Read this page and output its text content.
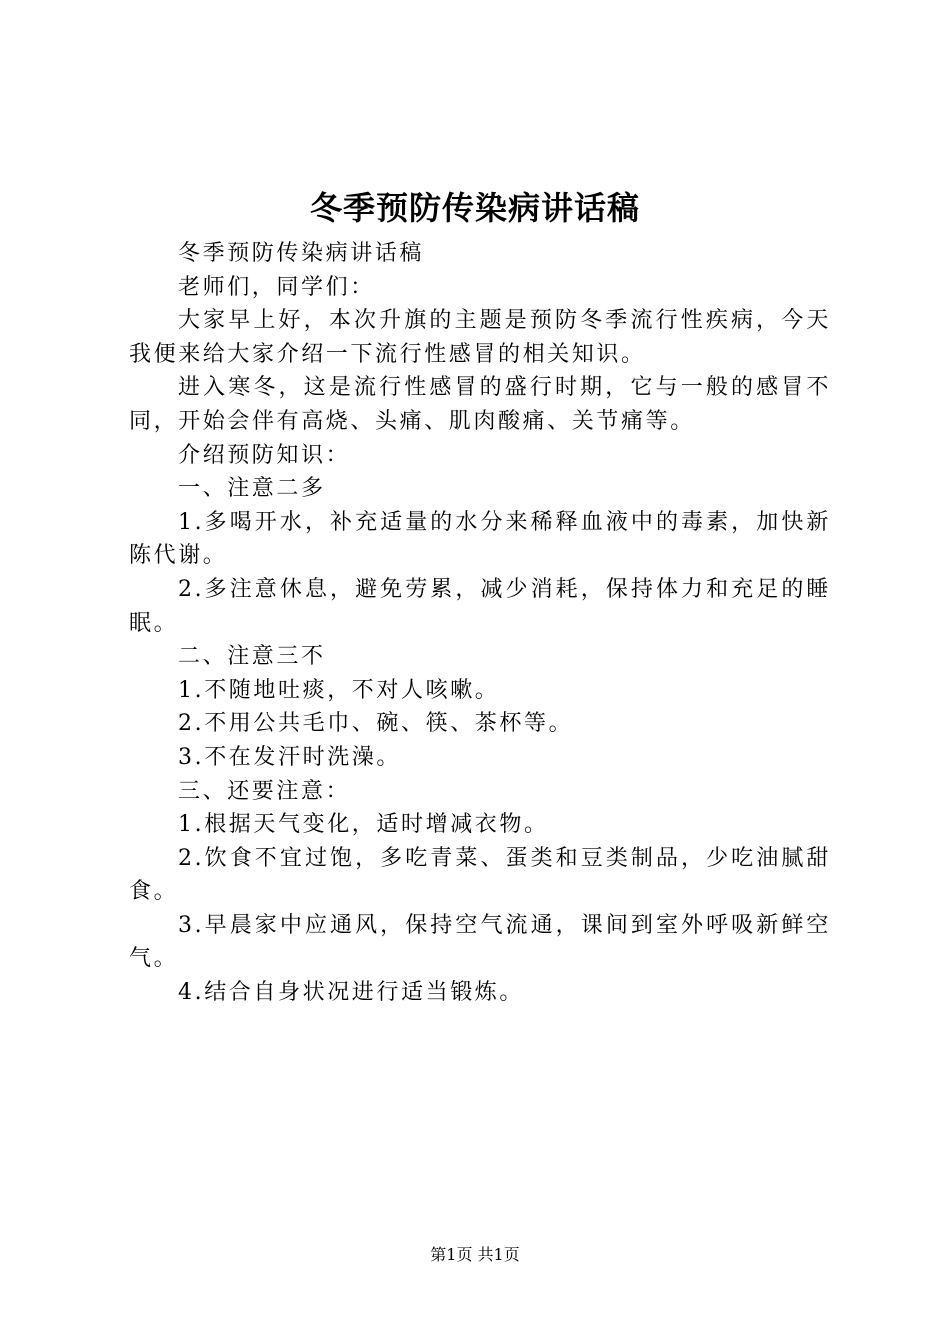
冬季预防传染病讲话稿

冬季预防传染病讲话稿

老师们，同学们：

大家早上好，本次升旗的主题是预防冬季流行性疾病，今天我便来给大家介绍一下流行性感冒的相关知识。

进入寒冬，这是流行性感冒的盛行时期，它与一般的感冒不同，开始会伴有高烧、头痛、肌肉酸痛、关节痛等。

介绍预防知识：

一、注意二多

1.多喝开水，补充适量的水分来稀释血液中的毒素，加快新陈代谢。

2.多注意休息，避免劳累，减少消耗，保持体力和充足的睡眠。

二、注意三不

1.不随地吐痰，不对人咳嗽。

2.不用公共毛巾、碗、筷、茶杯等。

3.不在发汗时洗澡。

三、还要注意：

1.根据天气变化，适时增减衣物。

2.饮食不宜过饱，多吃青菜、蛋类和豆类制品，少吃油腻甜食。

3.早晨家中应通风，保持空气流通，课间到室外呼吸新鲜空气。

4.结合自身状况进行适当锻炼。

第1页 共1页
